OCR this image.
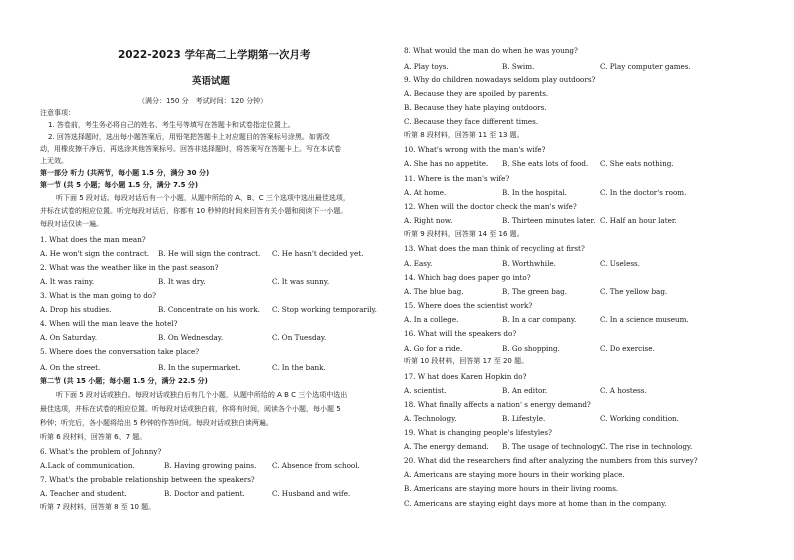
2022-2023 学年高二上学期第一次月考
英语试题
（满分：150 分　考试时间：120 分钟）
注意事项：
1. 答卷前，考生务必将自己的姓名、考生号等填写在答题卡和试卷指定位置上。
2. 回答选择题时，选出每小题答案后，用铅笔把答题卡上对应题目的答案标号涂黑。如需改
动，用橡皮擦干净后，再选涂其他答案标号。回答非选择题时，将答案写在答题卡上。写在本试卷
上无效。
第一部分 听力 (共两节，每小题 1.5 分，满分 30 分)
第一节 (共 5 小题；每小题 1.5 分，满分 7.5 分)
听下面 5 段对话。每段对话后有一个小题，从题中所给的 A、B、C 三个选项中选出最佳选项，
并标在试卷的相应位置。听完每段对话后，你都有 10 秒钟的时间来回答有关小题和阅读下一小题。
每段对话仅读一遍。
1. What does the man mean?
A. He won't sign the contract. B. He will sign the contract. C. He hasn't decided yet.
2. What was the weather like in the past season?
A. It was rainy.	B. It was dry.	C. It was sunny.
3. What is the man going to do?
A. Drop his studies.	B. Concentrate on his work. C. Stop working temporarily.
4. When will the man leave the hotel?
A. On Saturday.	B. On Wednesday.	C. On Tuesday.
5. Where does the conversation take place?
A. On the street.	B. In the supermarket.	C. In the bank.
第二节 (共 15 小题；每小题 1.5 分，满分 22.5 分)
听下面 5 段对话或独白。每段对话或独白后有几个小题，从题中所给的 A B C 三个选项中选出
最佳选项，并标在试卷的相应位置。听每段对话或独白前，你将有时间，阅读各个小题，每小题 5
秒钟；听完后，各小题将给出 5 秒钟的作答时间。每段对话或独白读两遍。
听第 6 段材料，回答第 6、7 题。
6. What's the problem of Johnny?
A.Lack of communication.	B. Having growing pains. C. Absence from school.
7. What's the probable relationship between the speakers?
A. Teacher and student.	B. Doctor and patient.	C. Husband and wife.
听第 7 段材料，回答第 8 至 10 题。
8. What would the man do when he was young?
A. Play toys.	B. Swim.	C. Play computer games.
9. Why do children nowadays seldom play outdoors?
A. Because they are spoiled by parents.
B. Because they hate playing outdoors.
C. Because they face different times.
听第 8 段材料，回答第 11 至 13 题。
10. What's wrong with the man's wife?
A. She has no appetite. B. She eats lots of food. C. She eats nothing.
11. Where is the man's wife?
A. At home.	B. In the hospital.	C. In the doctor's room.
12. When will the doctor check the man's wife?
A. Right now.	B. Thirteen minutes later. C. Half an hour later.
听第 9 段材料，回答第 14 至 16 题。
13. What does the man think of recycling at first?
A. Easy.	B. Worthwhile.	C. Useless.
14. Which bag does paper go into?
A. The blue bag.	B. The green bag.	C. The yellow bag.
15. Where does the scientist work?
A. In a college.	B. In a car company.	C. In a science museum.
16. What will the speakers do?
A. Go for a ride.	B. Go shopping.	C. Do exercise.
听第 10 段材料，回答第 17 至 20 题。
17. W hat does Karen Hopkin do?
A. scientist.	B. An editor.	C. A hostess.
18. What finally affects a nation' s energy demand?
A. Technology.	B. Lifestyle.	C. Working condition.
19. What is changing people's lifestyles?
A. The energy demand. B. The usage of technology.
C. The rise in technology.
20. What did the researchers find after analyzing the numbers from this survey?
A. Americans are staying more hours in their working place.
B. Americans are staying more hours in their living rooms.
C. Americans are staying eight days more at home than in the company.
